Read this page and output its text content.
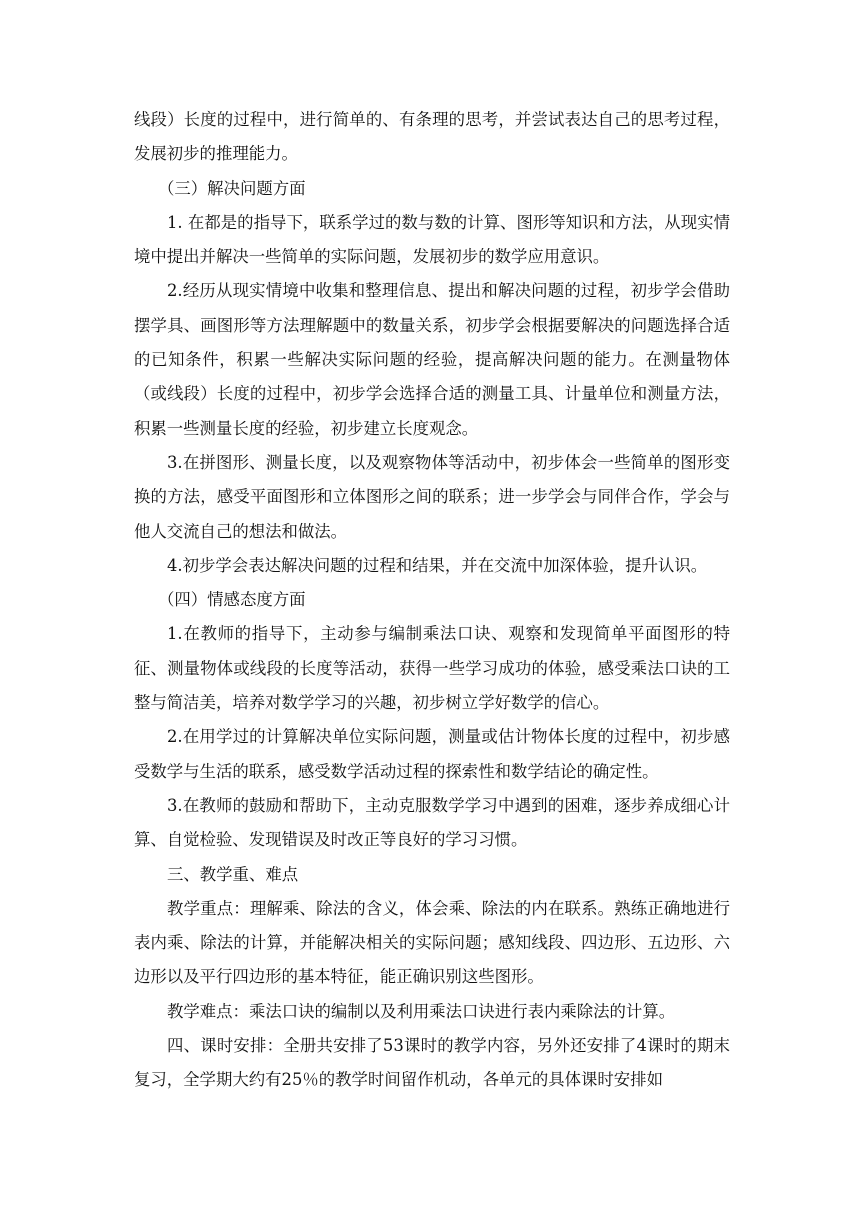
线段）长度的过程中，进行简单的、有条理的思考，并尝试表达自己的思考过程，发展初步的推理能力。

（三）解决问题方面

1. 在都是的指导下，联系学过的数与数的计算、图形等知识和方法，从现实情境中提出并解决一些简单的实际问题，发展初步的数学应用意识。

2.经历从现实情境中收集和整理信息、提出和解决问题的过程，初步学会借助摆学具、画图形等方法理解题中的数量关系，初步学会根据要解决的问题选择合适的已知条件，积累一些解决实际问题的经验，提高解决问题的能力。在测量物体（或线段）长度的过程中，初步学会选择合适的测量工具、计量单位和测量方法，积累一些测量长度的经验，初步建立长度观念。

3.在拼图形、测量长度，以及观察物体等活动中，初步体会一些简单的图形变换的方法，感受平面图形和立体图形之间的联系；进一步学会与同伴合作，学会与他人交流自己的想法和做法。

4.初步学会表达解决问题的过程和结果，并在交流中加深体验，提升认识。

（四）情感态度方面

1.在教师的指导下，主动参与编制乘法口诀、观察和发现简单平面图形的特征、测量物体或线段的长度等活动，获得一些学习成功的体验，感受乘法口诀的工整与简洁美，培养对数学学习的兴趣，初步树立学好数学的信心。

2.在用学过的计算解决单位实际问题，测量或估计物体长度的过程中，初步感受数学与生活的联系，感受数学活动过程的探索性和数学结论的确定性。

3.在教师的鼓励和帮助下，主动克服数学学习中遇到的困难，逐步养成细心计算、自觉检验、发现错误及时改正等良好的学习习惯。

三、教学重、难点

教学重点：理解乘、除法的含义，体会乘、除法的内在联系。熟练正确地进行表内乘、除法的计算，并能解决相关的实际问题；感知线段、四边形、五边形、六边形以及平行四边形的基本特征，能正确识别这些图形。

教学难点：乘法口诀的编制以及利用乘法口诀进行表内乘除法的计算。

四、课时安排：全册共安排了53课时的教学内容，另外还安排了4课时的期末复习，全学期大约有25％的教学时间留作机动，各单元的具体课时安排如
